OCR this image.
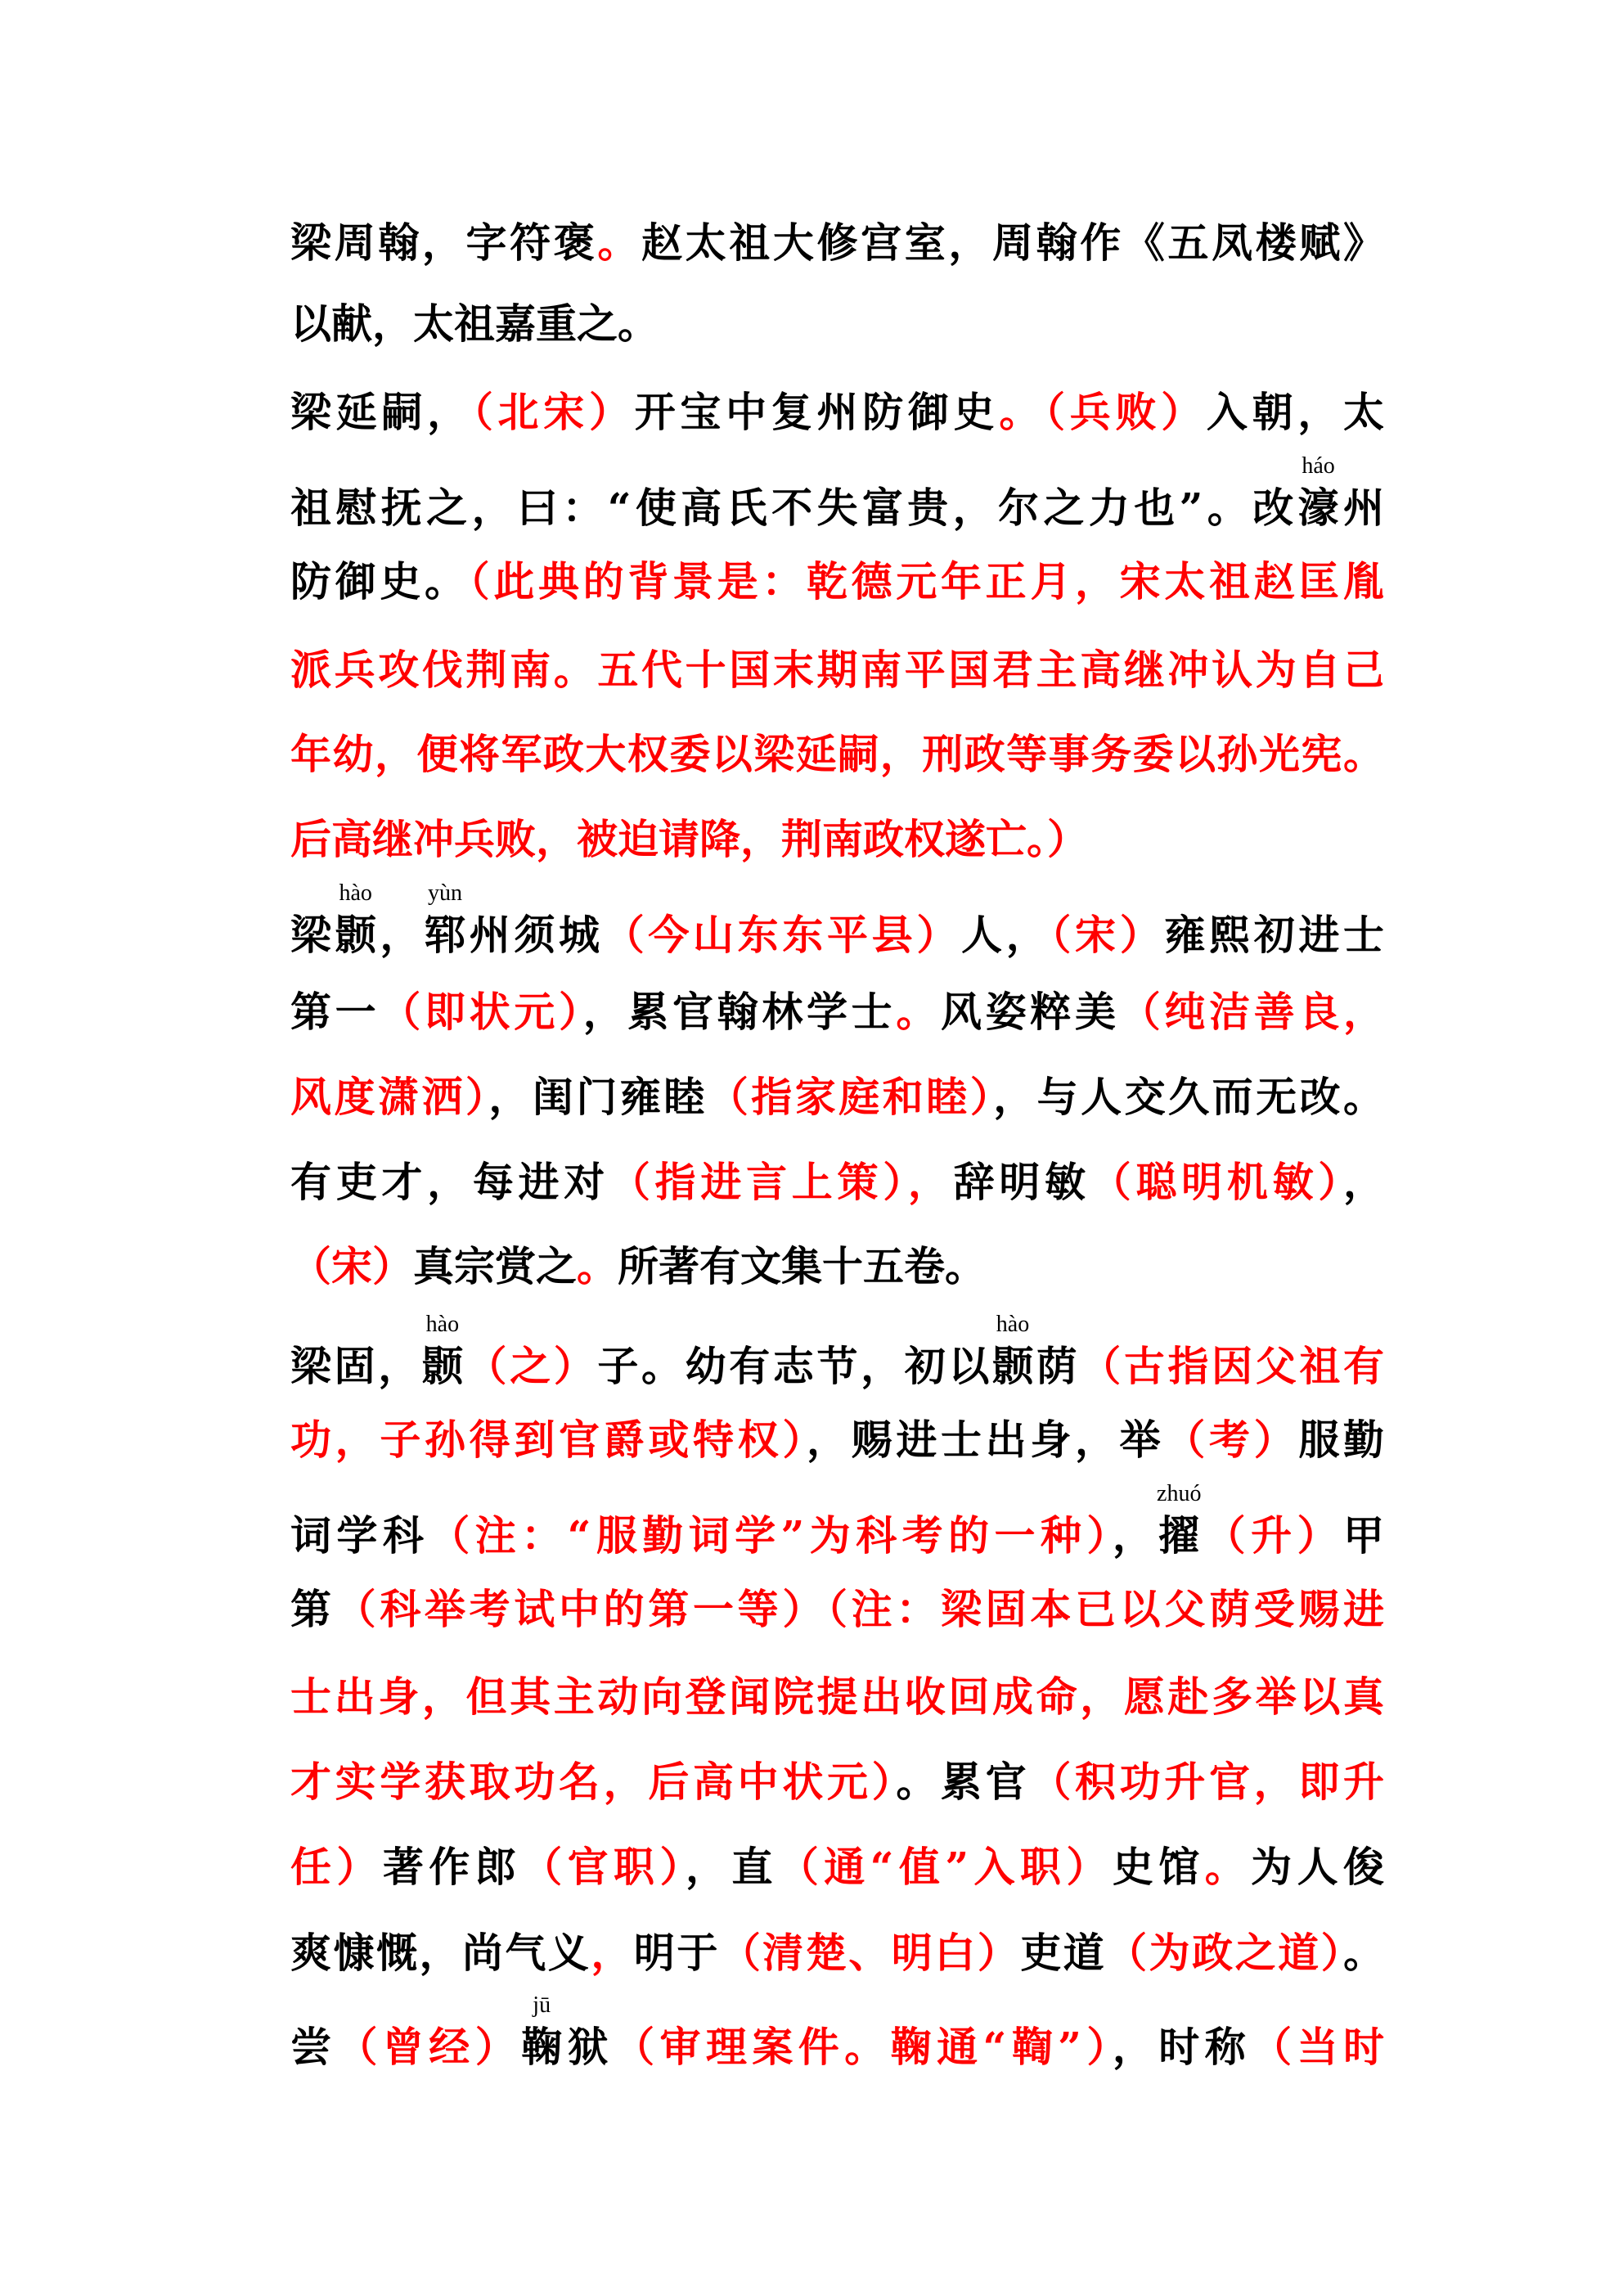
梁周翰，字符褒。赵太祖大修宫室，周翰作《五凤楼赋》
以献，太祖嘉重之。
梁延嗣，（北宋）开宝中复州防御史。（兵败）入朝，太
祖慰抚之，曰：“使高氏不失富贵，尔之力也”。改
háo
濠州
防御史。（此典的背景是：乾德元年正月，宋太祖赵匡胤
派兵攻伐荆南。五代十国末期南平国君主高继冲认为自己
年幼，便将军政大权委以梁延嗣，刑政等事务委以孙光宪。
后高继冲兵败，被迫请降，荆南政权遂亡。）
梁
hào
颢，
yùn
郓州须城（今山东东平县）人，（宋）雍熙初进士
第一（即状元），累官翰林学士。风姿粹美（纯洁善良，
风度潇洒），闺门雍睦（指家庭和睦），与人交久而无改。
有吏才，每进对（指进言上策），辞明敏（聪明机敏），
（宋）真宗赏之。所著有文集十五卷。
梁固，
hào
颢（之）子。幼有志节，初以
hào
颢荫（古指因父祖有
功，子孙得到官爵或特权），赐进士出身，举（考）服勤
词学科（注：“服勤词学”为科考的一种），
zhuó
擢（升）甲
第（科举考试中的第一等）（注：梁固本已以父荫受赐进
士出身，但其主动向登闻院提出收回成命，愿赴多举以真
才实学获取功名，后高中状元）。累官（积功升官，即升
任）著作郎（官职），直（通“值”入职）史馆。为人俊
爽慷慨，尚气义，明于（清楚、明白）吏道（为政之道）。
尝（曾经）
jū
鞠狱（审理案件。鞠通“鞫”），时称（当时
